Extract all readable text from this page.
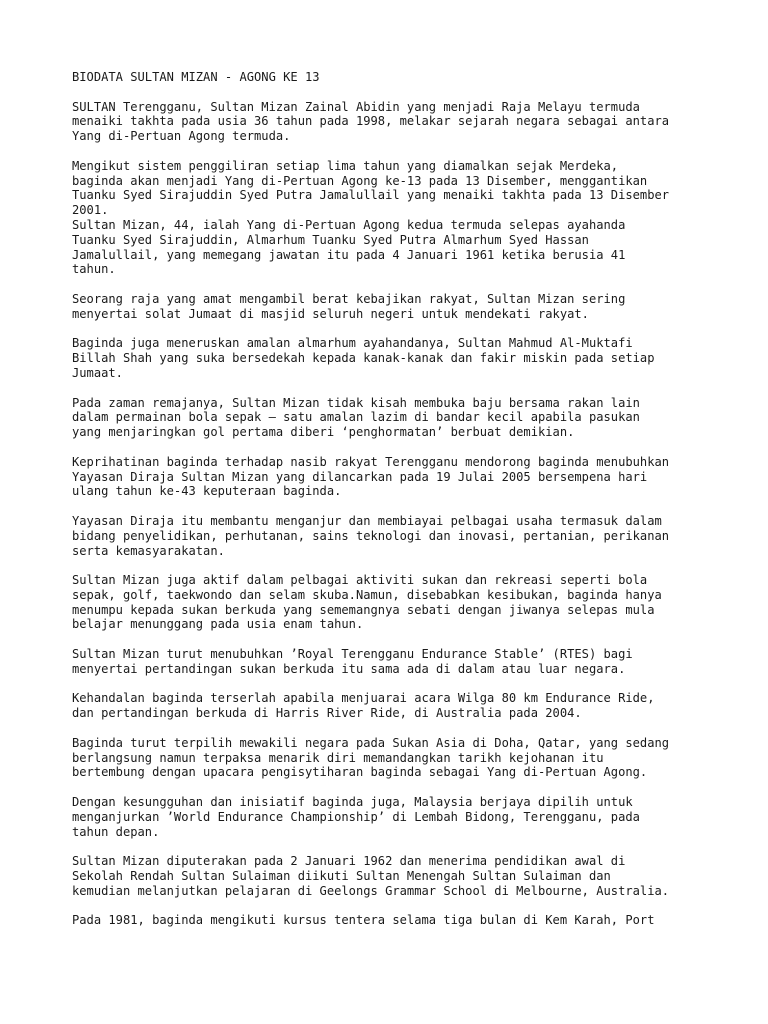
BIODATA SULTAN MIZAN - AGONG KE 13
SULTAN Terengganu, Sultan Mizan Zainal Abidin yang menjadi Raja Melayu termuda
menaiki takhta pada usia 36 tahun pada 1998, melakar sejarah negara sebagai antara
Yang di-Pertuan Agong termuda.
Mengikut sistem penggiliran setiap lima tahun yang diamalkan sejak Merdeka,
baginda akan menjadi Yang di-Pertuan Agong ke-13 pada 13 Disember, menggantikan
Tuanku Syed Sirajuddin Syed Putra Jamalullail yang menaiki takhta pada 13 Disember
2001.
Sultan Mizan, 44, ialah Yang di-Pertuan Agong kedua termuda selepas ayahanda
Tuanku Syed Sirajuddin, Almarhum Tuanku Syed Putra Almarhum Syed Hassan
Jamalullail, yang memegang jawatan itu pada 4 Januari 1961 ketika berusia 41
tahun.
Seorang raja yang amat mengambil berat kebajikan rakyat, Sultan Mizan sering
menyertai solat Jumaat di masjid seluruh negeri untuk mendekati rakyat.
Baginda juga meneruskan amalan almarhum ayahandanya, Sultan Mahmud Al-Muktafi
Billah Shah yang suka bersedekah kepada kanak-kanak dan fakir miskin pada setiap
Jumaat.
Pada zaman remajanya, Sultan Mizan tidak kisah membuka baju bersama rakan lain
dalam permainan bola sepak – satu amalan lazim di bandar kecil apabila pasukan
yang menjaringkan gol pertama diberi ‘penghormatan’ berbuat demikian.
Keprihatinan baginda terhadap nasib rakyat Terengganu mendorong baginda menubuhkan
Yayasan Diraja Sultan Mizan yang dilancarkan pada 19 Julai 2005 bersempena hari
ulang tahun ke-43 keputeraan baginda.
Yayasan Diraja itu membantu menganjur dan membiayai pelbagai usaha termasuk dalam
bidang penyelidikan, perhutanan, sains teknologi dan inovasi, pertanian, perikanan
serta kemasyarakatan.
Sultan Mizan juga aktif dalam pelbagai aktiviti sukan dan rekreasi seperti bola
sepak, golf, taekwondo dan selam skuba.Namun, disebabkan kesibukan, baginda hanya
menumpu kepada sukan berkuda yang sememangnya sebati dengan jiwanya selepas mula
belajar menunggang pada usia enam tahun.
Sultan Mizan turut menubuhkan ’Royal Terengganu Endurance Stable’ (RTES) bagi
menyertai pertandingan sukan berkuda itu sama ada di dalam atau luar negara.
Kehandalan baginda terserlah apabila menjuarai acara Wilga 80 km Endurance Ride,
dan pertandingan berkuda di Harris River Ride, di Australia pada 2004.
Baginda turut terpilih mewakili negara pada Sukan Asia di Doha, Qatar, yang sedang
berlangsung namun terpaksa menarik diri memandangkan tarikh kejohanan itu
bertembung dengan upacara pengisytiharan baginda sebagai Yang di-Pertuan Agong.
Dengan kesungguhan dan inisiatif baginda juga, Malaysia berjaya dipilih untuk
menganjurkan ’World Endurance Championship’ di Lembah Bidong, Terengganu, pada
tahun depan.
Sultan Mizan diputerakan pada 2 Januari 1962 dan menerima pendidikan awal di
Sekolah Rendah Sultan Sulaiman diikuti Sultan Menengah Sultan Sulaiman dan
kemudian melanjutkan pelajaran di Geelongs Grammar School di Melbourne, Australia.
Pada 1981, baginda mengikuti kursus tentera selama tiga bulan di Kem Karah, Port
